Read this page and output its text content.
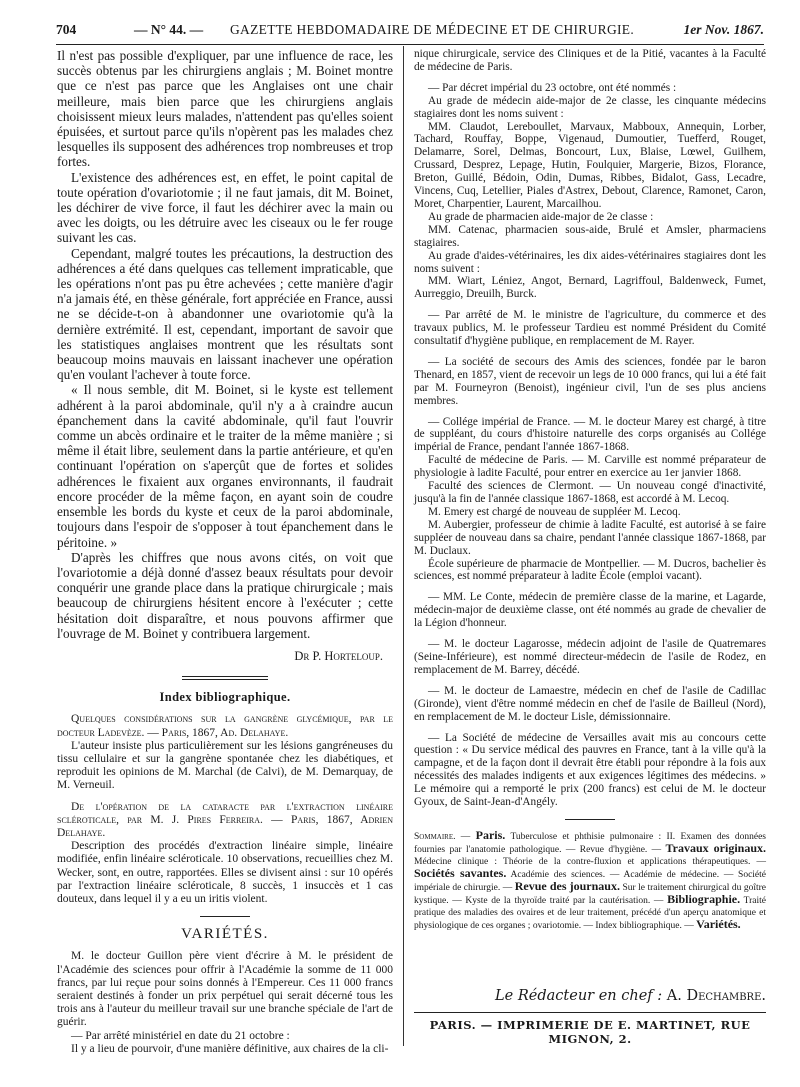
704	— N° 44. — GAZETTE HEBDOMADAIRE DE MÉDECINE ET DE CHIRURGIE.	1er Nov. 1867.

Il n'est pas possible d'expliquer, par une influence de race, les succès obtenus par les chirurgiens anglais ; M. Boinet montre que ce n'est pas parce que les Anglaises ont une chair meilleure, mais bien parce que les chirurgiens anglais choisissent mieux leurs malades, n'attendent pas qu'elles soient épuisées, et surtout parce qu'ils n'opèrent pas les malades chez lesquelles ils supposent des adhérences trop nombreuses et trop fortes.

L'existence des adhérences est, en effet, le point capital de toute opération d'ovariotomie ; il ne faut jamais, dit M. Boinet, les déchirer de vive force, il faut les déchirer avec la main ou avec les doigts, ou les détruire avec les ciseaux ou le fer rouge suivant les cas.

Cependant, malgré toutes les précautions, la destruction des adhérences a été dans quelques cas tellement impraticable, que les opérations n'ont pas pu être achevées ; cette manière d'agir n'a jamais été, en thèse générale, fort appréciée en France, aussi ne se décide-t-on à abandonner une ovariotomie qu'à la dernière extrémité. Il est, cependant, important de savoir que les statistiques anglaises montrent que les résultats sont beaucoup moins mauvais en laissant inachever une opération qu'en voulant l'achever à toute force.

« Il nous semble, dit M. Boinet, si le kyste est tellement adhérent à la paroi abdominale, qu'il n'y a à craindre aucun épanchement dans la cavité abdominale, qu'il faut l'ouvrir comme un abcès ordinaire et le traiter de la même manière ; si même il était libre, seulement dans la partie antérieure, et qu'en continuant l'opération on s'aperçût que de fortes et solides adhérences le fixaient aux organes environnants, il faudrait encore procéder de la même façon, en ayant soin de coudre ensemble les bords du kyste et ceux de la paroi abdominale, toujours dans l'espoir de s'opposer à tout épanchement dans le péritoine. »

D'après les chiffres que nous avons cités, on voit que l'ovariotomie a déjà donné d'assez beaux résultats pour devoir conquérir une grande place dans la pratique chirurgicale ; mais beaucoup de chirurgiens hésitent encore à l'exécuter ; cette hésitation doit disparaître, et nous pouvons affirmer que l'ouvrage de M. Boinet y contribuera largement.

Dr P. Horteloup.
Index bibliographique.

Quelques considérations sur la gangrène glycémique, par le docteur Ladevèze. — Paris, 1867, Ad. Delahaye.

L'auteur insiste plus particulièrement sur les lésions gangréneuses du tissu cellulaire et sur la gangrène spontanée chez les diabétiques, et reproduit les opinions de M. Marchal (de Calvi), de M. Demarquay, de M. Verneuil.

De l'opération de la cataracte par l'extraction linéaire scléroticale, par M. J. Pires Ferreira. — Paris, 1867, Adrien Delahaye.

Description des procédés d'extraction linéaire simple, linéaire modifiée, enfin linéaire scléroticale. 10 observations, recueillies chez M. Wecker, sont, en outre, rapportées. Elles se divisent ainsi : sur 10 opérés par l'extraction linéaire scléroticale, 8 succès, 1 insuccès et 1 cas douteux, dans lequel il y a eu un iritis violent.

VARIÉTÉS.

M. le docteur Guillon père vient d'écrire à M. le président de l'Académie des sciences pour offrir à l'Académie la somme de 11 000 francs, par lui reçue pour soins donnés à l'Empereur. Ces 11 000 francs seraient destinés à fonder un prix perpétuel qui serait décerné tous les trois ans à l'auteur du meilleur travail sur une branche spéciale de l'art de guérir.

— Par arrêté ministériel en date du 21 octobre :

Il y a lieu de pourvoir, d'une manière définitive, aux chaires de la cli-

nique chirurgicale, service des Cliniques et de la Pitié, vacantes à la Faculté de médecine de Paris.

— Par décret impérial du 23 octobre, ont été nommés :

Au grade de médecin aide-major de 2e classe, les cinquante médecins stagiaires dont les noms suivent :

MM. Claudot, Lereboullet, Marvaux, Mabboux, Annequin, Lorber, Tachard, Rouffay, Boppe, Vigenaud, Dumoutier, Tuefferd, Rouget, Delamarre, Sorel, Delmas, Boncourt, Lux, Blaise, Lœwel, Guilhem, Crussard, Desprez, Lepage, Hutin, Foulquier, Margerie, Bizos, Florance, Breton, Guillé, Bédoin, Odin, Dumas, Ribbes, Bidalot, Gass, Lecadre, Vincens, Cuq, Letellier, Piales d'Astrex, Debout, Clarence, Ramonet, Caron, Moret, Charpentier, Laurent, Marcailhou.

Au grade de pharmacien aide-major de 2e classe :

MM. Catenac, pharmacien sous-aide, Brulé et Amsler, pharmaciens stagiaires.

Au grade d'aides-vétérinaires, les dix aides-vétérinaires stagiaires dont les noms suivent :

MM. Wiart, Léniez, Angot, Bernard, Lagriffoul, Baldenweck, Fumet, Aurreggio, Dreuilh, Burck.

— Par arrêté de M. le ministre de l'agriculture, du commerce et des travaux publics, M. le professeur Tardieu est nommé Président du Comité consultatif d'hygiène publique, en remplacement de M. Rayer.

— La société de secours des Amis des sciences, fondée par le baron Thenard, en 1857, vient de recevoir un legs de 10 000 francs, qui lui a été fait par M. Fourneyron (Benoist), ingénieur civil, l'un de ses plus anciens membres.

— Collége impérial de France. — M. le docteur Marey est chargé, à titre de suppléant, du cours d'histoire naturelle des corps organisés au Collége impérial de France, pendant l'année 1867-1868.

Faculté de médecine de Paris. — M. Carville est nommé préparateur de physiologie à ladite Faculté, pour entrer en exercice au 1er janvier 1868.

Faculté des sciences de Clermont. — Un nouveau congé d'inactivité, jusqu'à la fin de l'année classique 1867-1868, est accordé à M. Lecoq.

M. Emery est chargé de nouveau de suppléer M. Lecoq.

M. Aubergier, professeur de chimie à ladite Faculté, est autorisé à se faire suppléer de nouveau dans sa chaire, pendant l'année classique 1867-1868, par M. Duclaux.

École supérieure de pharmacie de Montpellier. — M. Ducros, bachelier ès sciences, est nommé préparateur à ladite École (emploi vacant).

— MM. Le Conte, médecin de première classe de la marine, et Lagarde, médecin-major de deuxième classe, ont été nommés au grade de chevalier de la Légion d'honneur.

— M. le docteur Lagarosse, médecin adjoint de l'asile de Quatremares (Seine-Inférieure), est nommé directeur-médecin de l'asile de Rodez, en remplacement de M. Barrey, décédé.

— M. le docteur de Lamaestre, médecin en chef de l'asile de Cadillac (Gironde), vient d'être nommé médecin en chef de l'asile de Bailleul (Nord), en remplacement de M. le docteur Lisle, démissionnaire.

— La Société de médecine de Versailles avait mis au concours cette question : « Du service médical des pauvres en France, tant à la ville qu'à la campagne, et de la façon dont il devrait être établi pour répondre à la fois aux nécessités des malades indigents et aux exigences légitimes des médecins. » Le mémoire qui a remporté le prix (200 francs) est celui de M. le docteur Gyoux, de Saint-Jean-d'Angély.

Sommaire. — Paris. Tuberculose et phthisie pulmonaire : II. Examen des données fournies par l'anatomie pathologique. — Revue d'hygiène. — Travaux originaux. Médecine clinique : Théorie de la contre-fluxion et applications thérapeutiques. — Sociétés savantes. Académie des sciences. — Académie de médecine. — Société impériale de chirurgie. — Revue des journaux. Sur le traitement chirurgical du goître kystique. — Kyste de la thyroïde traité par la cautérisation. — Bibliographie. Traité pratique des maladies des ovaires et de leur traitement, précédé d'un aperçu anatomique et physiologique de ces organes ; ovariotomie. — Index bibliographique. — Variétés.

Le Rédacteur en chef : A. Dechambre.
PARIS. — IMPRIMERIE DE E. MARTINET, RUE MIGNON, 2.
